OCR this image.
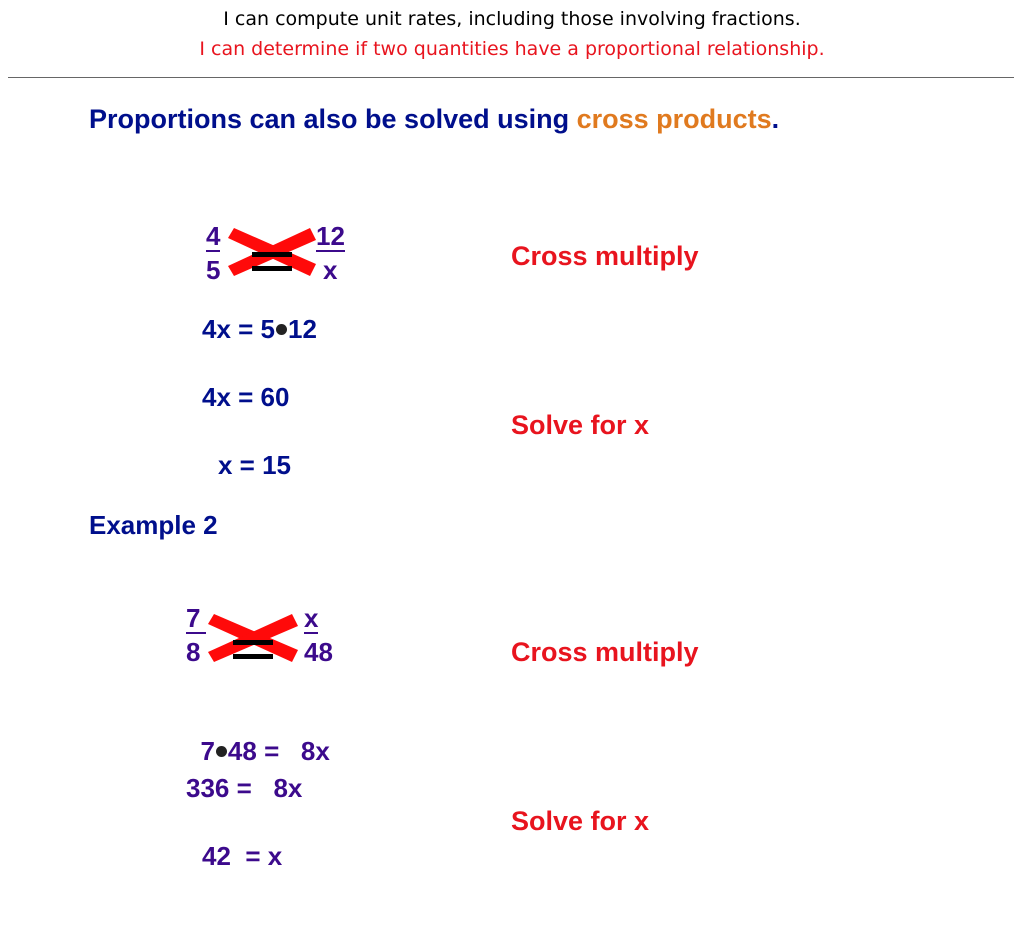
I can compute unit rates, including those involving fractions.
I can determine if two quantities have a proportional relationship.
Proportions can also be solved using cross products.
4
5
12
x	Cross multiply
4x = 5 12
4x = 60
Solve for x
x = 15
Example 2
7
8
x
48	Cross multiply

7 48 =   8x

336 =   8x
Solve for x
42  = x
